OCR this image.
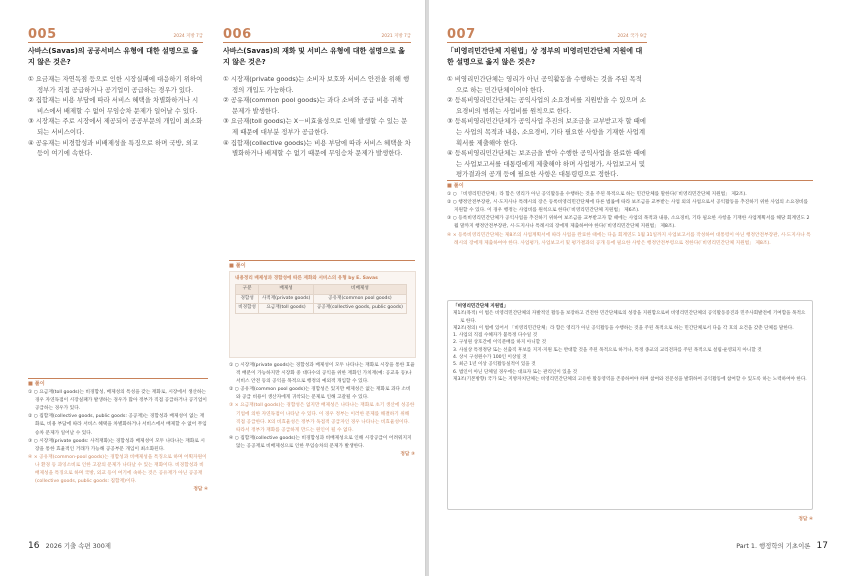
005	2024 지방 7급
사바스(Savas)의 공공서비스 유형에 대한 설명으로 옳지 않은 것은?

① 요금재는 자연독점 등으로 인한 시장실패에 대응하기 위하여 정부가 직접 공급하거나 공기업이 공급하는 경우가 있다.

② 집합재는 비용 부담에 따라 서비스 혜택을 차별화하거나 시비스에서 배제할 수 없어 무임승차 문제가 일어날 수 있다.

③ 시장재는 주로 시장에서 제공되어 공공부문의 개입이 최소화되는 서비스이다.

④ 공유재는 비경합성과 비배제성을 특징으로 하며 국방, 외교 등이 여기에 속한다.

006	2021 지방 7급
사바스(Savas)의 재화 및 서비스 유형에 대한 설명으로 옳지 않은 것은?

① 시장재(private goods)는 소비자 보호와 서비스 안전을 위해 행정의 개입도 가능하다.

② 공유재(common pool goods)는 과다 소비와 공급 비용 귀착 문제가 발생한다.

③ 요금재(toll goods)는 X－비효율성으로 인해 발생할 수 있는 문제 때문에 대부분 정부가 공급한다.

④ 집합재(collective goods)는 비용 부담에 따라 서비스 혜택을 차별화하거나 배제할 수 없기 때문에 무임승차 문제가 발생한다.

■ 풀이

① ○ 요금재(toll goods)는 비경합성, 배제성의 특성을 갖는 재화로, 시장에서 생산하는 경우 자연독점이 시장실패가 발생하는 경우가 많아 정부가 직접 공급하거나 공기업이 공급하는 경우가 있다.

② ○ 집합재(collective goods, public goods: 공공재)는 경합성과 배제성이 없는 재화로, 비용 부담에 따라 서비스 혜택을 차별화하거나 서비스에서 배제할 수 없어 무임승차 문제가 일어날 수 있다.

③ ○ 시장재(private goods: 사적재화)는 경합성과 배제성이 모두 나타나는 재화로 시장을 통한 효율적인 거래가 가능해 공공부문 개입이 최소화된다.

④ × 공유재(common-pool goods)는 경합성과 비배제성을 특징으로 하며 어획자원이나 환경 등 과잉소비로 인한 고갈의 문제가 나타날 수 있는 재화이다. 비경합성과 비배제성을 특징으로 하며 국방, 외교 등이 여기에 속하는 것은 공유재가 아닌 공공재(collective goods, public goods: 집합재)이다.

정답 ④
■ 풀이
내용정리 배제성과 경합성에 따른 재화와 서비스의 유형 by E. Savas
구분	배제성	비배제성
경합성	사적재(private goods)	공유재(common pool goods)
비경합성	요금재(toll goods)	공공재(collective goods, public goods)

① ○ 시장재(private goods)는 경합성과 배제성이 모두 나타나는 재화로 시장을 통한 효율적 배분이 가능하지만 시장화 중 대다수의 공익을 위한 재화인 가치재(예: 공교육 등)나 서비스 안전 등의 공익을 목적으로 행정의 예외적 개입할 수 있다.

② ○ 공유재(common pool goods)는 경합성은 있지만 배제성은 없는 재화로 과다 소비와 공급 비용이 생산자에게 귀착되는 문제로 인해 고갈될 수 있다.

③ × 요금재(toll goods)는 경합성은 없지만 배제성은 나타나는 재화로 초기 생산에 성공한 기업에 의한 자연독점이 나타날 수 있다. 이 경우 정부는 이러한 문제를 해결하기 위해 직접 공급한다. X의 비효율성은 정부가 독점적 공급자인 경우 나타나는 비효율성이다. 따라서 정부가 재화를 공급하게 만드는 원인이 될 수 없다.

④ ○ 집합재(collective goods)는 비경합성과 비배제성으로 인해 시장공급이 어려워지지 않는 공공재로 비배제성으로 인한 무임승차의 문제가 발생한다.

정답 ③
16 2026 기출 속편 300제
007	2024 국가 9급
「비영리민간단체 지원법」상 정부의 비영리민간단체 지원에 대한 설명으로 옳지 않은 것은?

① 비영리민간단체는 영리가 아닌 공익활동을 수행하는 것을 주된 목적으로 하는 민간단체이어야 한다.

② 등록비영리민간단체는 공익사업의 소요경비를 지원받을 수 있으며 소요경비의 범위는 사업비를 원칙으로 한다.

③ 등록비영리민간단체가 공익사업 추진의 보조금을 교부받고자 할 때에는 사업의 목적과 내용, 소요경비, 기타 필요한 사항을 기재한 사업계획서를 제출해야 한다.

④ 등록비영리민간단체는 보조금을 받아 수행한 공익사업을 완료한 때에는 사업보고서를 대통령에게 제출해야 하며 사업평가, 사업보고서 및 평가결과의 공개 등에 필요한 사항은 대통령령으로 정한다.

■ 풀이

① ○ 「비영리민간단체」라 함은 영리가 아닌 공익활동을 수행하는 것을 주된 목적으로 하는 민간단체를 말한다(「비영리민간단체 지원법」 제2조).

② ○ 행정안전부장관, 시·도지사나 특례시의 장은 등록비영리민간단체에 다른 법률에 따라 보조금을 교부받는 사업 외의 사업으로서 공익활동을 추진하기 위한 사업의 소요경비를 지원할 수 있다. 이 경우 행정는 사업비를 원칙으로 한다(「비영리민간단체 지원법」 제6조).

③ ○ 등록비영리민간단체가 공익사업을 추진하기 위하여 보조금을 교부받고자 할 때에는 사업의 목적과 내용, 소요경비, 기타 필요한 사항을 기재한 사업계획서를 해당 회계연도 2월 말까지 행정안전부장관, 시·도지사나 특례시의 장에게 제출하여야 한다(「비영리민간단체 지원법」 제8조).

④ × 등록비영리민간단체는 제8조의 사업계획서에 따라 사업을 완료한 때에는 다음 회계연도 1월 31일까지 사업보고서를 작성하여 대통령이 아닌 행정안전부장관, 시·도지사나 특례시의 장에게 제출하여야 한다. 사업평가, 사업보고서 및 평가결과의 공개 등에 필요한 사항은 행정안전부령으로 정한다(「비영리민간단체 지원법」 제8조).

「비영리민간단체 지원법」

제1조(목적) 이 법은 비영리민간단체의 자발적인 활동을 보장하고 건전한 민간단체로의 성장을 지원함으로써 비영리민간단체의 공익활동증진과 민주사회발전에 기여함을 목적으로 한다.

제2조(정의) 이 법에 있어서 「비영리민간단체」라 함은 영리가 아닌 공익활동을 수행하는 것을 주된 목적으로 하는 민간단체로서 다음 각 호의 요건을 갖춘 단체를 말한다.

1. 사업의 직접 수혜자가 불특정 다수일 것

2. 구성원 상호간에 이익분배를 하지 아니할 것

3. 사실상 특정정당 또는 선출직 후보를 지지·지원 또는 반대할 것을 주된 목적으로 하거나, 특정 종교의 교리전파를 주된 목적으로 설립·운영되지 아니할 것

4. 상시 구성원수가 100인 이상일 것

5. 최근 1년 이상 공익활동실적이 있을 것

6. 법인이 아닌 단체일 경우에는 대표자 또는 관리인이 있을 것

제3조(기본방향) 국가 또는 지방자치단체는 비영리민간단체의 고유한 활동영역을 존중하여야 하며 참여와 전문성을 발휘하여 공익활동에 참여할 수 있도록 하는 노력하여야 한다.

정답 ④
Part 1. 행정학의 기초이론 17
